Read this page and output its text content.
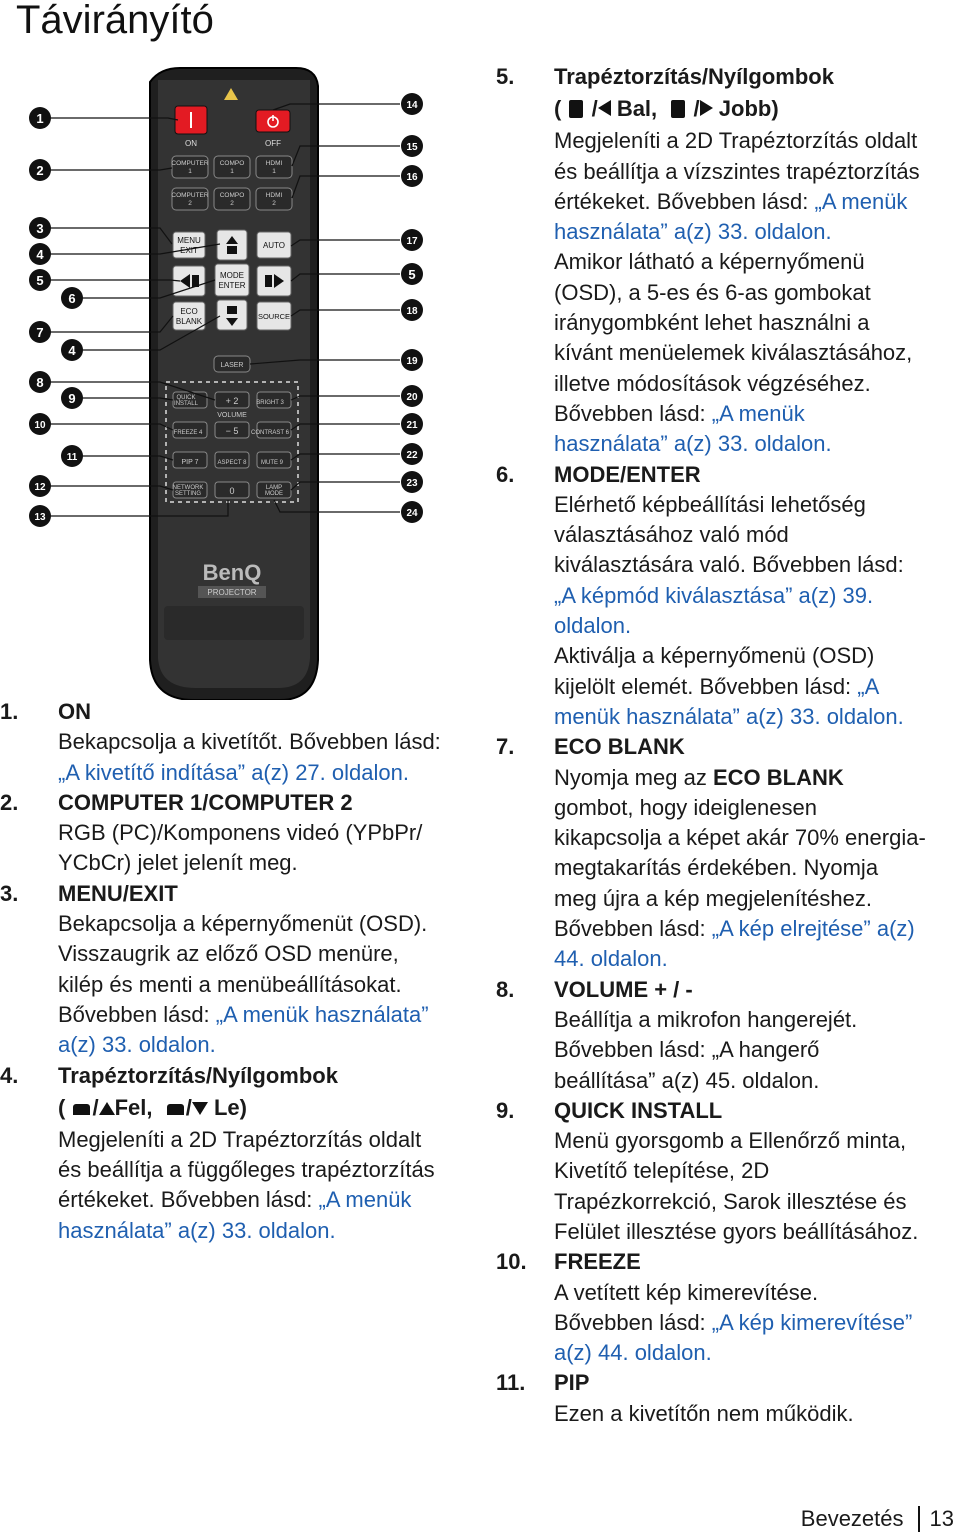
Távirányító
ON	OFF
COMPUTER
1
COMPO
1
HDMI
1
COMPUTER
2
COMPO
2
HDMI
2
MENU
EXIT
AUTO
MODE
ENTER
ECO
BLANK
SOURCE
LASER
QUICK
INSTALL	+ 2	BRIGHT 3
VOLUME
FREEZE 4	− 5 CONTRAST 6
PIP 7	ASPECT 8 MUTE 9
NETWORK
SETTING	0	LAMP
MODE
BenQ
PROJECTOR
1
2
3
4
5
6
7
4
8
9
10
11
12
13
14
15
16
17
5
18
19
20
21
22
23
24
1. ON
Bekapcsolja a kivetítőt. Bővebben lásd:
„A kivetítő indítása” a(z) 27. oldalon.
2. COMPUTER 1/COMPUTER 2
RGB (PC)/Komponens videó (YPbPr/
YCbCr) jelet jelenít meg.
3. MENU/EXIT
Bekapcsolja a képernyőmenüt (OSD).
Visszaugrik az előző OSD menüre,
kilép és menti a menübeállításokat.
Bővebben lásd: „A menük használata”
a(z) 33. oldalon.
4. Trapéztorzítás/Nyílgombok
( / Fel, / Le)
Megjeleníti a 2D Trapéztorzítás oldalt
és beállítja a függőleges trapéztorzítás
értékeket. Bővebben lásd: „A menük
használata” a(z) 33. oldalon.
5. Trapéztorzítás/Nyílgombok
(  / Bal,   / Jobb)
Megjeleníti a 2D Trapéztorzítás oldalt
és beállítja a vízszintes trapéztorzítás
értékeket. Bővebben lásd: „A menük
használata” a(z) 33. oldalon.
Amikor látható a képernyőmenü
(OSD), a 5-es és 6-as gombokat
iránygombként lehet használni a
kívánt menüelemek kiválasztásához,
illetve módosítások végzéséhez.
Bővebben lásd: „A menük
használata” a(z) 33. oldalon.
6. MODE/ENTER
Elérhető képbeállítási lehetőség
választásához való mód
kiválasztására való. Bővebben lásd:
„A képmód kiválasztása” a(z) 39.
oldalon.
Aktiválja a képernyőmenü (OSD)
kijelölt elemét. Bővebben lásd: „A
menük használata” a(z) 33. oldalon.
7. ECO BLANK
Nyomja meg az ECO BLANK
gombot, hogy ideiglenesen
kikapcsolja a képet akár 70% energia-
megtakarítás érdekében. Nyomja
meg újra a kép megjelenítéshez.
Bővebben lásd: „A kép elrejtése” a(z)
44. oldalon.
8. VOLUME + / -
Beállítja a mikrofon hangerejét.
Bővebben lásd: „A hangerő
beállítása” a(z) 45. oldalon.
9. QUICK INSTALL
Menü gyorsgomb a Ellenőrző minta,
Kivetítő telepítése, 2D
Trapézkorrekció, Sarok illesztése és
Felület illesztése gyors beállításához.
10. FREEZE
A vetített kép kimerevítése.
Bővebben lásd: „A kép kimerevítése”
a(z) 44. oldalon.
11. PIP
Ezen a kivetítőn nem működik.
Bevezetés	13
